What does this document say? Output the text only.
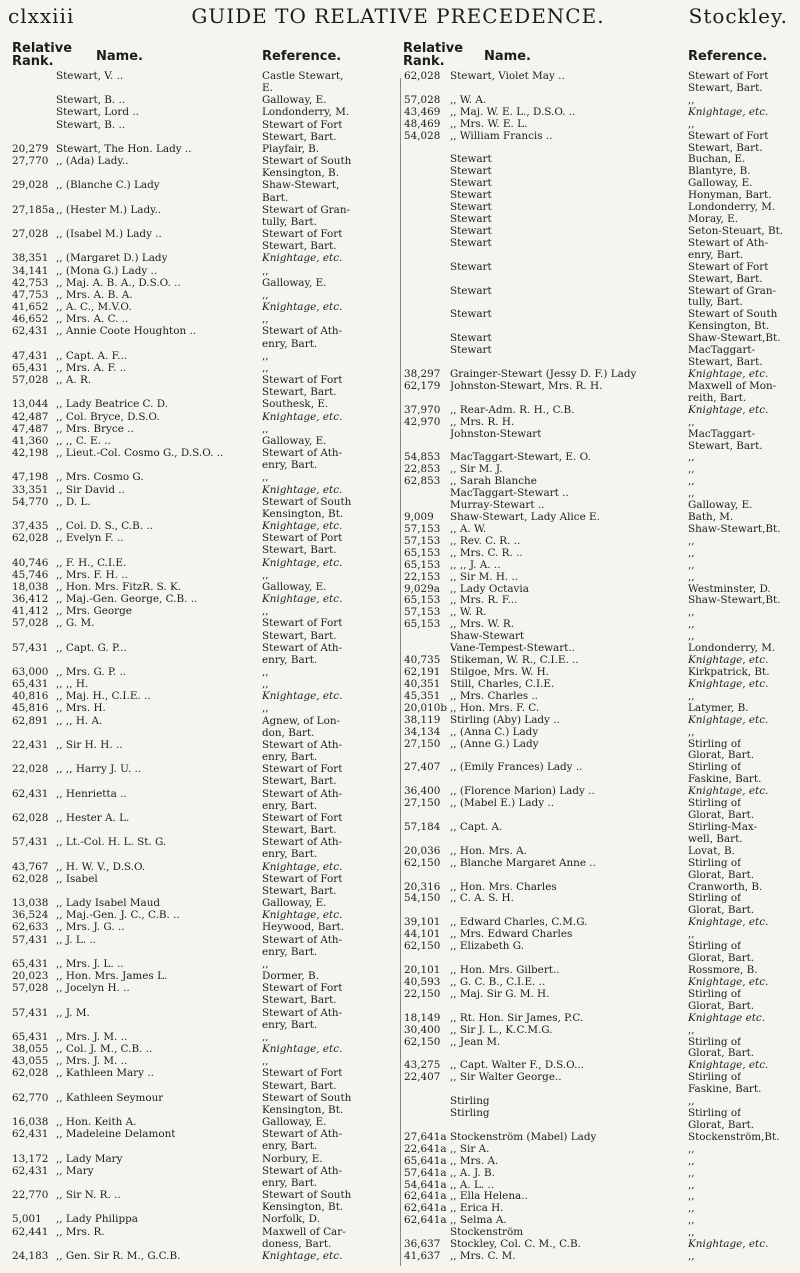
clxxiii	GUIDE TO RELATIVE PRECEDENCE.	Stockley.
Relative Rank.	Name.	Reference.
Relative Rank.	Name.	Reference.
Stewart, V. ..	Castle Stewart,
E.
Stewart, B. ..	Galloway, E.
Stewart, Lord ..	Londonderry, M.
Stewart, B. ..	Stewart of Fort
Stewart, Bart.
20,279 Stewart, The Hon. Lady ..	Playfair, B.
27,770 ,, (Ada) Lady..	Stewart of South
Kensington, B.
29,028 ,, (Blanche C.) Lady	Shaw-Stewart,
Bart.
27,185a ,, (Hester M.) Lady..	Stewart of Gran-
tully, Bart.
27,028 ,, (Isabel M.) Lady ..	Stewart of Fort
Stewart, Bart.
38,351 ,, (Margaret D.) Lady	Knightage, etc.
34,141 ,, (Mona G.) Lady ..	,,
42,753 ,, Maj. A. B. A., D.S.O. ..	Galloway, E.
47,753 ,, Mrs. A. B. A.	,,
41,652 ,, A. C., M.V.O.	Knightage, etc.
46,652 ,, Mrs. A. C. ..	,,
62,431 ,, Annie Coote Houghton ..	Stewart of Ath-
enry, Bart.
47,431 ,, Capt. A. F...	,,
65,431 ,, Mrs. A. F. ..	,,
57,028 ,, A. R.	Stewart of Fort
Stewart, Bart.
13,044 ,, Lady Beatrice C. D.	Southesk, E.
42,487 ,, Col. Bryce, D.S.O.	Knightage, etc.
47,487 ,, Mrs. Bryce ..	,,
41,360 ,, ,, C. E. ..	Galloway, E.
42,198 ,, Lieut.-Col. Cosmo G., D.S.O. ..	Stewart of Ath-
enry, Bart.
47,198 ,, Mrs. Cosmo G.	,,
33,351 ,, Sir David ..	Knightage, etc.
54,770 ,, D. L.	Stewart of South
Kensington, Bt.
37,435 ,, Col. D. S., C.B. ..	Knightage, etc.
62,028 ,, Evelyn F. ..	Stewart of Port
Stewart, Bart.
40,746 ,, F. H., C.I.E.	Knightage, etc.
45,746 ,, Mrs. F. H. ..	,,
18,038 ,, Hon. Mrs. FitzR. S. K.	Galloway, E.
36,412 ,, Maj.-Gen. George, C.B. ..	Knightage, etc.
41,412 ,, Mrs. George	,,
57,028 ,, G. M.	Stewart of Fort
Stewart, Bart.
57,431 ,, Capt. G. P...	Stewart of Ath-
enry, Bart.
63,000 ,, Mrs. G. P. ..	,,
65,431 ,, ,, H.	,,
40,816 ,, Maj. H., C.I.E. ..	Knightage, etc.
45,816 ,, Mrs. H.	,,
62,891 ,, ,, H. A.	Agnew, of Lon-
don, Bart.
22,431 ,, Sir H. H. ..	Stewart of Ath-
enry, Bart.
22,028 ,, ,, Harry J. U. ..	Stewart of Fort
Stewart, Bart.
62,431 ,, Henrietta ..	Stewart of Ath-
enry, Bart.
62,028 ,, Hester A. L.	Stewart of Fort
Stewart, Bart.
57,431 ,, Lt.-Col. H. L. St. G.	Stewart of Ath-
enry, Bart.
43,767 ,, H. W. V., D.S.O.	Knightage, etc.
62,028 ,, Isabel	Stewart of Fort
Stewart, Bart.
13,038 ,, Lady Isabel Maud	Galloway, E.
36,524 ,, Maj.-Gen. J. C., C.B. ..	Knightage, etc.
62,633 ,, Mrs. J. G. ..	Heywood, Bart.
57,431 ,, J. L. ..	Stewart of Ath-
enry, Bart.
65,431 ,, Mrs. J. L. ..	,,
20,023 ,, Hon. Mrs. James L.	Dormer, B.
57,028 ,, Jocelyn H. ..	Stewart of Fort
Stewart, Bart.
57,431 ,, J. M.	Stewart of Ath-
enry, Bart.
65,431 ,, Mrs. J. M. ..	,,
38,055 ,, Col. J. M., C.B. ..	Knightage, etc.
43,055 ,, Mrs. J. M. ..	,,
62,028 ,, Kathleen Mary ..	Stewart of Fort
Stewart, Bart.
62,770 ,, Kathleen Seymour	Stewart of South
Kensington, Bt.
16,038 ,, Hon. Keith A.	Galloway, E.
62,431 ,, Madeleine Delamont	Stewart of Ath-
enry, Bart.
13,172 ,, Lady Mary	Norbury, E.
62,431 ,, Mary	Stewart of Ath-
enry, Bart.
22,770 ,, Sir N. R. ..	Stewart of South
Kensington, Bt.
5,001 ,, Lady Philippa	Norfolk, D.
62,441 ,, Mrs. R.	Maxwell of Car-
doness, Bart.
24,183 ,, Gen. Sir R. M., G.C.B.	Knightage, etc.
62,028 Stewart, Violet May ..	Stewart of Fort
Stewart, Bart.
57,028 ,, W. A.	,,
43,469 ,, Maj. W. E. L., D.S.O. ..	Knightage, etc.
48,469 ,, Mrs. W. E. L.	,,
54,028 ,, William Francis ..	Stewart of Fort
Stewart, Bart.
Stewart	Buchan, E.
Stewart	Blantyre, B.
Stewart	Galloway, E.
Stewart	Honyman, Bart.
Stewart	Londonderry, M.
Stewart	Moray, E.
Stewart	Seton-Steuart, Bt.
Stewart	Stewart of Ath-
enry, Bart.
Stewart	Stewart of Fort
Stewart, Bart.
Stewart	Stewart of Gran-
tully, Bart.
Stewart	Stewart of South
Kensington, Bt.
Stewart	Shaw-Stewart,Bt.
Stewart	MacTaggart-
Stewart, Bart.
38,297 Grainger-Stewart (Jessy D. F.) Lady	Knightage, etc.
62,179 Johnston-Stewart, Mrs. R. H.	Maxwell of Mon-
reith, Bart.
37,970 ,, Rear-Adm. R. H., C.B.	Knightage, etc.
42,970 ,, Mrs. R. H.	,,
Johnston-Stewart	MacTaggart-
Stewart, Bart.
54,853 MacTaggart-Stewart, E. O.	,,
22,853 ,, Sir M. J.	,,
62,853 ,, Sarah Blanche	,,
MacTaggart-Stewart ..	,,
Murray-Stewart ..	Galloway, E.
9,009 Shaw-Stewart, Lady Alice E.	Bath, M.
57,153 ,, A. W.	Shaw-Stewart,Bt.
57,153 ,, Rev. C. R. ..	,,
65,153 ,, Mrs. C. R. ..	,,
65,153 ,, ,, J. A. ..	,,
22,153 ,, Sir M. H. ..	,,
9,029a ,, Lady Octavia	Westminster, D.
65,153 ,, Mrs. R. F...	Shaw-Stewart,Bt.
57,153 ,, W. R.	,,
65,153 ,, Mrs. W. R.	,,
Shaw-Stewart	,,
Vane-Tempest-Stewart..	Londonderry, M.
40,735 Stikeman, W. R., C.I.E. ..	Knightage, etc.
62,191 Stilgoe, Mrs. W. H.	Kirkpatrick, Bt.
40,351 Still, Charles, C.I.E.	Knightage, etc.
45,351 ,, Mrs. Charles ..	,,
20,010b ,, Hon. Mrs. F. C.	Latymer, B.
38,119 Stirling (Aby) Lady ..	Knightage, etc.
34,134 ,, (Anna C.) Lady	,,
27,150 ,, (Anne G.) Lady	Stirling of
Glorat, Bart.
27,407 ,, (Emily Frances) Lady ..	Stirling of
Faskine, Bart.
36,400 ,, (Florence Marion) Lady ..	Knightage, etc.
27,150 ,, (Mabel E.) Lady ..	Stirling of
Glorat, Bart.
57,184 ,, Capt. A.	Stirling-Max-
well, Bart.
20,036 ,, Hon. Mrs. A.	Lovat, B.
62,150 ,, Blanche Margaret Anne ..	Stirling of
Glorat, Bart.
20,316 ,, Hon. Mrs. Charles	Cranworth, B.
54,150 ,, C. A. S. H.	Stirling of
Glorat, Bart.
39,101 ,, Edward Charles, C.M.G.	Knightage, etc.
44,101 ,, Mrs. Edward Charles	,,
62,150 ,, Elizabeth G.	Stirling of
Glorat, Bart.
20,101 ,, Hon. Mrs. Gilbert..	Rossmore, B.
40,593 ,, G. C. B., C.I.E. ..	Knightage, etc.
22,150 ,, Maj. Sir G. M. H.	Stirling of
Glorat, Bart.
18,149 ,, Rt. Hon. Sir James, P.C.	Knightage etc.
30,400 ,, Sir J. L., K.C.M.G.	,,
62,150 ,, Jean M.	Stirling of
Glorat, Bart.
43,275 ,, Capt. Walter F., D.S.O...	Knightage, etc.
22,407 ,, Sir Walter George..	Stirling of
Faskine, Bart.
Stirling	,,
Stirling	Stirling of
Glorat, Bart.
27,641a Stockenström (Mabel) Lady	Stockenström,Bt.
22,641a ,, Sir A.	,,
65,641a ,, Mrs. A.	,,
57,641a ,, A. J. B.	,,
54,641a ,, A. L. ..	,,
62,641a ,, Ella Helena..	,,
62,641a ,, Erica H.	,,
62,641a ,, Selma A.	,,
Stockenström	,,
36,637 Stockley, Col. C. M., C.B.	Knightage, etc.
41,637 ,, Mrs. C. M.	,,
